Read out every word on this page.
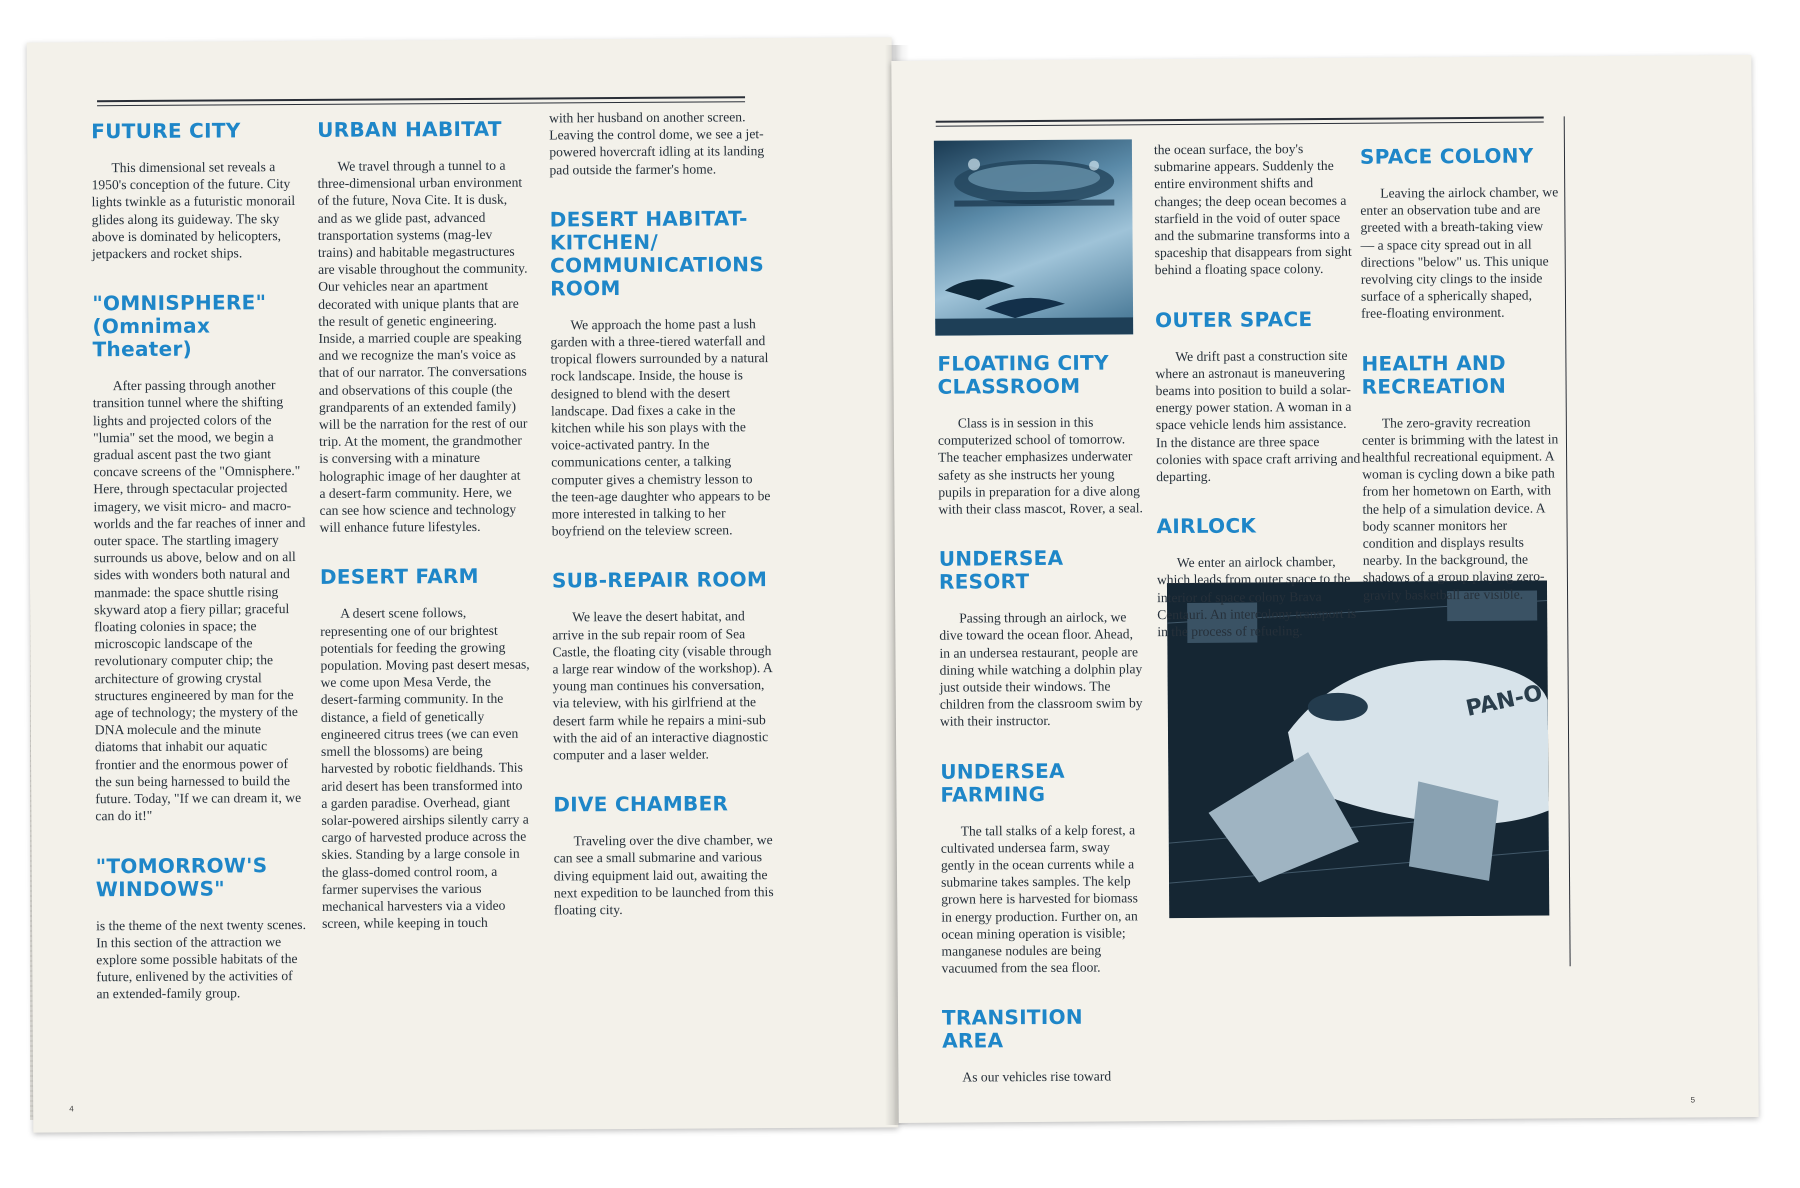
FUTURE CITY

This dimensional set reveals a 1950's conception of the future. City lights twinkle as a futuristic monorail glides along its guideway. The sky above is dominated by helicopters, jetpackers and rocket ships.

"OMNISPHERE"
(Omnimax Theater)

After passing through another transition tunnel where the shifting lights and projected colors of the "lumia" set the mood, we begin a gradual ascent past the two giant concave screens of the "Omnisphere." Here, through spectacular projected imagery, we visit micro- and macro-worlds and the far reaches of inner and outer space. The startling imagery surrounds us above, below and on all sides with wonders both natural and manmade: the space shuttle rising skyward atop a fiery pillar; graceful floating colonies in space; the microscopic landscape of the revolutionary computer chip; the architecture of growing crystal structures engineered by man for the age of technology; the mystery of the DNA molecule and the minute diatoms that inhabit our aquatic frontier and the enormous power of the sun being harnessed to build the future. Today, "If we can dream it, we can do it!"

"TOMORROW'S
WINDOWS"

is the theme of the next twenty scenes. In this section of the attraction we explore some possible habitats of the future, enlivened by the activities of an extended-family group.

URBAN HABITAT

We travel through a tunnel to a three-dimensional urban environment of the future, Nova Cite. It is dusk, and as we glide past, advanced transportation systems (mag-lev trains) and habitable megastructures are visable throughout the community. Our vehicles near an apartment decorated with unique plants that are the result of genetic engineering. Inside, a married couple are speaking and we recognize the man's voice as that of our narrator. The conversations and observations of this couple (the grandparents of an extended family) will be the narration for the rest of our trip. At the moment, the grandmother is conversing with a minature holographic image of her daughter at a desert-farm community. Here, we can see how science and technology will enhance future lifestyles.

DESERT FARM

A desert scene follows, representing one of our brightest potentials for feeding the growing population. Moving past desert mesas, we come upon Mesa Verde, the desert-farming community. In the distance, a field of genetically engineered citrus trees (we can even smell the blossoms) are being harvested by robotic fieldhands. This arid desert has been transformed into a garden paradise. Overhead, giant solar-powered airships silently carry a cargo of harvested produce across the skies. Standing by a large console in the glass-domed control room, a farmer supervises the various mechanical harvesters via a video screen, while keeping in touch

with her husband on another screen. Leaving the control dome, we see a jet-powered hovercraft idling at its landing pad outside the farmer's home.

DESERT HABITAT-
KITCHEN/
COMMUNICATIONS
ROOM

We approach the home past a lush garden with a three-tiered waterfall and tropical flowers surrounded by a natural rock landscape. Inside, the house is designed to blend with the desert landscape. Dad fixes a cake in the kitchen while his son plays with the voice-activated pantry. In the communications center, a talking computer gives a chemistry lesson to the teen-age daughter who appears to be more interested in talking to her boyfriend on the teleview screen.

SUB-REPAIR ROOM

We leave the desert habitat, and arrive in the sub repair room of Sea Castle, the floating city (visable through a large rear window of the workshop). A young man continues his conversation, via teleview, with his girlfriend at the desert farm while he repairs a mini-sub with the aid of an interactive diagnostic computer and a laser welder.

DIVE CHAMBER

Traveling over the dive chamber, we can see a small submarine and various diving equipment laid out, awaiting the next expedition to be launched from this floating city.

4
PAN-O
FLOATING CITY
CLASSROOM

Class is in session in this computerized school of tomorrow. The teacher emphasizes underwater safety as she instructs her young pupils in preparation for a dive along with their class mascot, Rover, a seal.

UNDERSEA RESORT

Passing through an airlock, we dive toward the ocean floor. Ahead, in an undersea restaurant, people are dining while watching a dolphin play just outside their windows. The children from the classroom swim by with their instructor.

UNDERSEA FARMING

The tall stalks of a kelp forest, a cultivated undersea farm, sway gently in the ocean currents while a submarine takes samples. The kelp grown here is harvested for biomass in energy production. Further on, an ocean mining operation is visible; manganese nodules are being vacuumed from the sea floor.

TRANSITION AREA

As our vehicles rise toward

the ocean surface, the boy's submarine appears. Suddenly the entire environment shifts and changes; the deep ocean becomes a starfield in the void of outer space and the submarine transforms into a spaceship that disappears from sight behind a floating space colony.

OUTER SPACE

We drift past a construction site where an astronaut is maneuvering beams into position to build a solar-energy power station. A woman in a space vehicle lends him assistance. In the distance are three space colonies with space craft arriving and departing.

AIRLOCK

We enter an airlock chamber, which leads from outer space to the interior of space colony Brava Centauri. An intercolony transport is in the process of refueling.

SPACE COLONY

Leaving the airlock chamber, we enter an observation tube and are greeted with a breath-taking view — a space city spread out in all directions "below" us. This unique revolving city clings to the inside surface of a spherically shaped, free-floating environment.

HEALTH AND
RECREATION

The zero-gravity recreation center is brimming with the latest in healthful recreational equipment. A woman is cycling down a bike path from her hometown on Earth, with the help of a simulation device. A body scanner monitors her condition and displays results nearby. In the background, the shadows of a group playing zero-gravity basketball are visible.

5
